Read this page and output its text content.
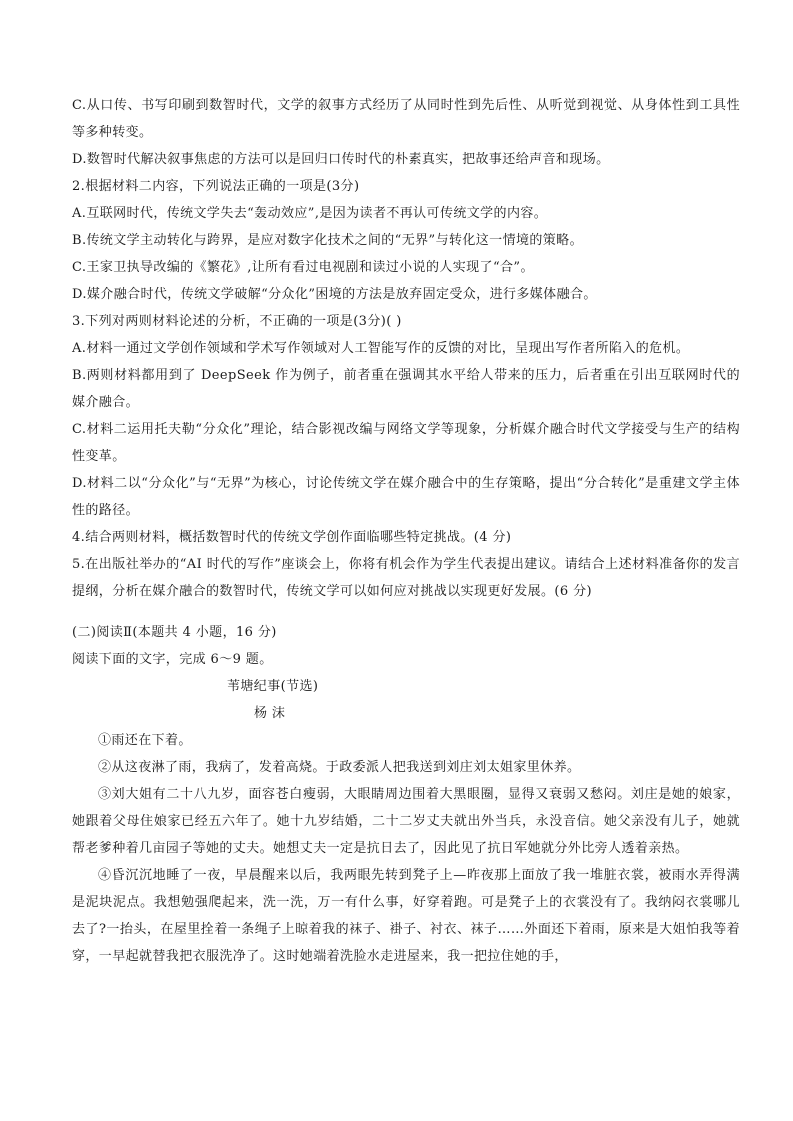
C.从口传、书写印刷到数智时代，文学的叙事方式经历了从同时性到先后性、从听觉到视觉、从身体性到工具性等多种转变。

D.数智时代解决叙事焦虑的方法可以是回归口传时代的朴素真实，把故事还给声音和现场。

2.根据材料二内容，下列说法正确的一项是(3分)

A.互联网时代，传统文学失去“轰动效应”,是因为读者不再认可传统文学的内容。

B.传统文学主动转化与跨界，是应对数字化技术之间的“无界”与转化这一情境的策略。

C.王家卫执导改编的《繁花》,让所有看过电视剧和读过小说的人实现了“合”。

D.媒介融合时代，传统文学破解“分众化”困境的方法是放弃固定受众，进行多媒体融合。

3.下列对两则材料论述的分析，不正确的一项是(3分)( )

A.材料一通过文学创作领域和学术写作领域对人工智能写作的反馈的对比，呈现出写作者所陷入的危机。

B.两则材料都用到了 DeepSeek 作为例子，前者重在强调其水平给人带来的压力，后者重在引出互联网时代的媒介融合。

C.材料二运用托夫勒“分众化”理论，结合影视改编与网络文学等现象，分析媒介融合时代文学接受与生产的结构性变革。

D.材料二以“分众化”与“无界”为核心，讨论传统文学在媒介融合中的生存策略，提出“分合转化”是重建文学主体性的路径。

4.结合两则材料，概括数智时代的传统文学创作面临哪些特定挑战。(4 分)

5.在出版社举办的“AI 时代的写作”座谈会上，你将有机会作为学生代表提出建议。请结合上述材料准备你的发言提纲，分析在媒介融合的数智时代，传统文学可以如何应对挑战以实现更好发展。(6 分)

(二)阅读Ⅱ(本题共 4 小题，16 分)

阅读下面的文字，完成 6～9 题。

苇塘纪事(节选)

杨 沫

①雨还在下着。

②从这夜淋了雨，我病了，发着高烧。于政委派人把我送到刘庄刘太姐家里休养。

③刘大姐有二十八九岁，面容苍白瘦弱，大眼睛周边围着大黑眼圈，显得又衰弱又愁闷。刘庄是她的娘家，她跟着父母住娘家已经五六年了。她十九岁结婚，二十二岁丈夫就出外当兵，永没音信。她父亲没有儿子，她就帮老爹种着几亩园子等她的丈夫。她想丈夫一定是抗日去了，因此见了抗日军她就分外比旁人透着亲热。

④昏沉沉地睡了一夜，早晨醒来以后，我两眼先转到凳子上—昨夜那上面放了我一堆脏衣裳，被雨水弄得满是泥块泥点。我想勉强爬起来，洗一洗，万一有什么事，好穿着跑。可是凳子上的衣裳没有了。我纳闷衣裳哪儿去了?一抬头，在屋里拴着一条绳子上晾着我的袜子、褂子、衬衣、袜子……外面还下着雨，原来是大姐怕我等着穿，一早起就替我把衣服洗净了。这时她端着洗脸水走进屋来，我一把拉住她的手，
